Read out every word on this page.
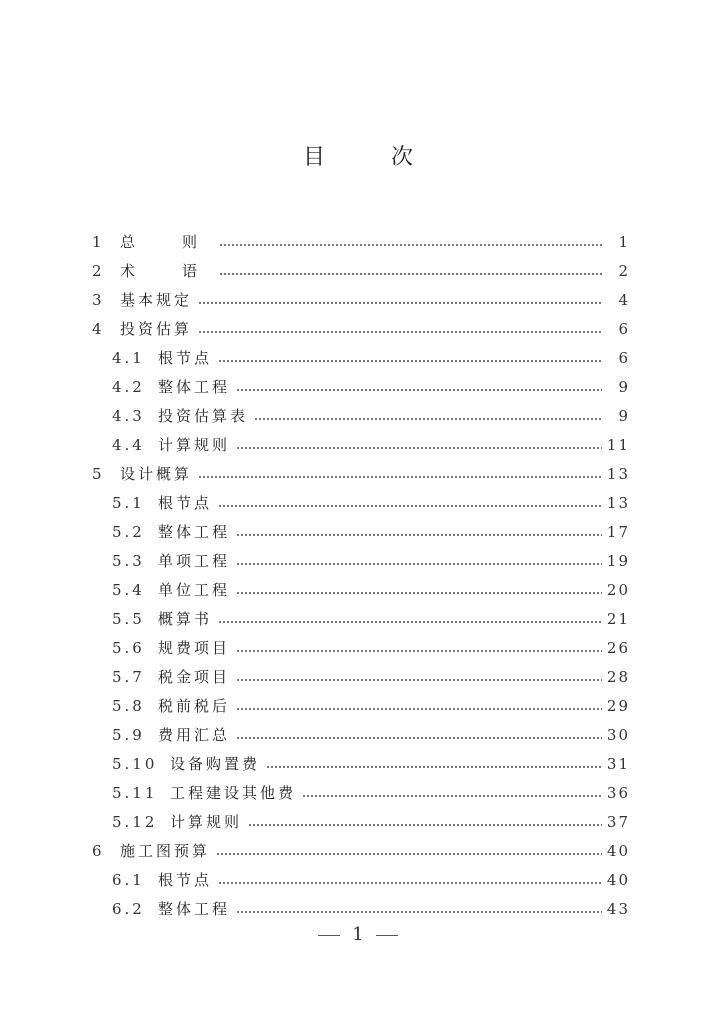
目　次
1	总　则	1
2	术　语	2
3	基本规定	4
4	投资估算	6
4.1 根节点	6
4.2 整体工程	9
4.3 投资估算表	9
4.4 计算规则	11
5	设计概算	13
5.1 根节点	13
5.2 整体工程	17
5.3 单项工程	19
5.4 单位工程	20
5.5 概算书	21
5.6 规费项目	26
5.7 税金项目	28
5.8 税前税后	29
5.9 费用汇总	30
5.10 设备购置费	31
5.11 工程建设其他费	36
5.12 计算规则	37
6	施工图预算	40
6.1 根节点	40
6.2 整体工程	43
1
